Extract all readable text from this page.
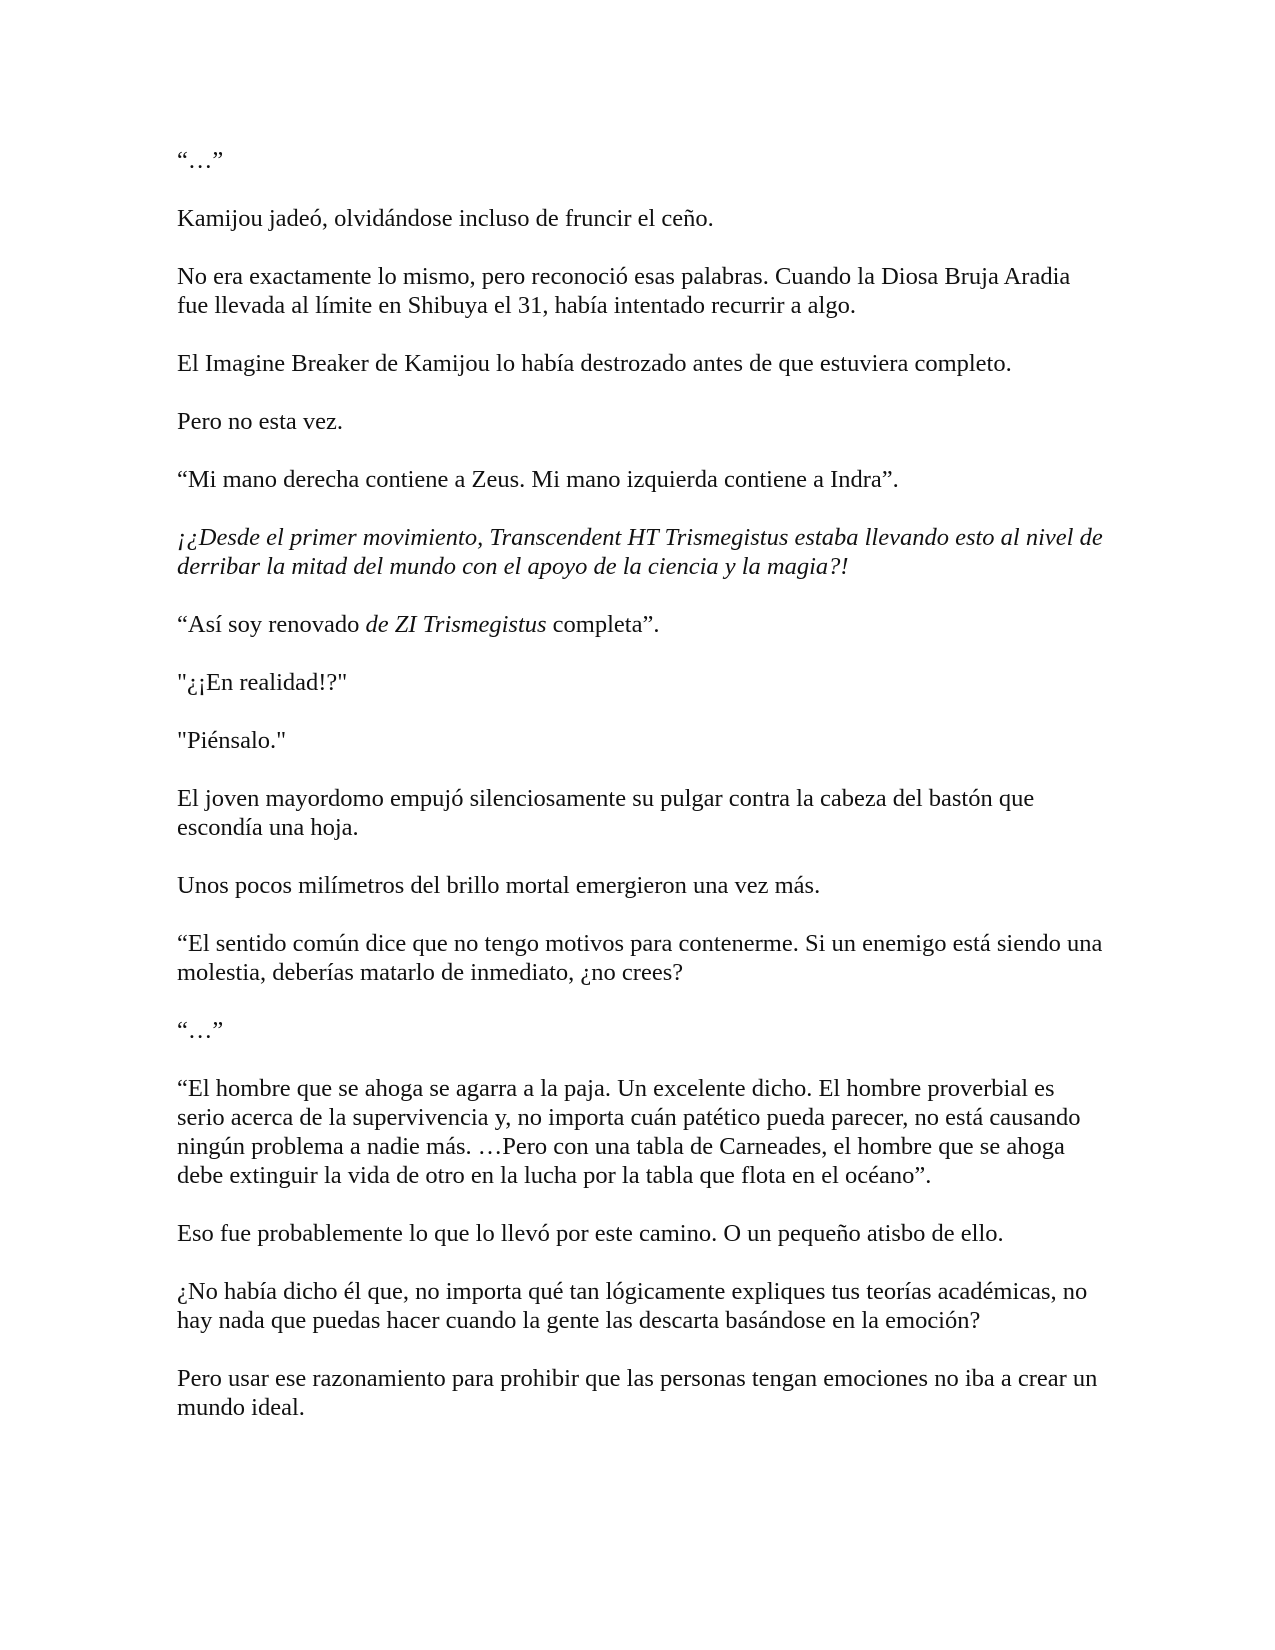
“…”

Kamijou jadeó, olvidándose incluso de fruncir el ceño.

No era exactamente lo mismo, pero reconoció esas palabras. Cuando la Diosa Bruja Aradia fue llevada al límite en Shibuya el 31, había intentado recurrir a algo.

El Imagine Breaker de Kamijou lo había destrozado antes de que estuviera completo.

Pero no esta vez.

“Mi mano derecha contiene a Zeus. Mi mano izquierda contiene a Indra”.

¡¿Desde el primer movimiento, Transcendent HT Trismegistus estaba llevando esto al nivel de derribar la mitad del mundo con el apoyo de la ciencia y la magia?!

“Así soy renovado de ZI Trismegistus completa”.

"¿¡En realidad!?"

"Piénsalo."

El joven mayordomo empujó silenciosamente su pulgar contra la cabeza del bastón que escondía una hoja.

Unos pocos milímetros del brillo mortal emergieron una vez más.

“El sentido común dice que no tengo motivos para contenerme. Si un enemigo está siendo una molestia, deberías matarlo de inmediato, ¿no crees?

“…”

“El hombre que se ahoga se agarra a la paja. Un excelente dicho. El hombre proverbial es serio acerca de la supervivencia y, no importa cuán patético pueda parecer, no está causando ningún problema a nadie más. …Pero con una tabla de Carneades, el hombre que se ahoga debe extinguir la vida de otro en la lucha por la tabla que flota en el océano”.

Eso fue probablemente lo que lo llevó por este camino. O un pequeño atisbo de ello.

¿No había dicho él que, no importa qué tan lógicamente expliques tus teorías académicas, no hay nada que puedas hacer cuando la gente las descarta basándose en la emoción?

Pero usar ese razonamiento para prohibir que las personas tengan emociones no iba a crear un mundo ideal.
